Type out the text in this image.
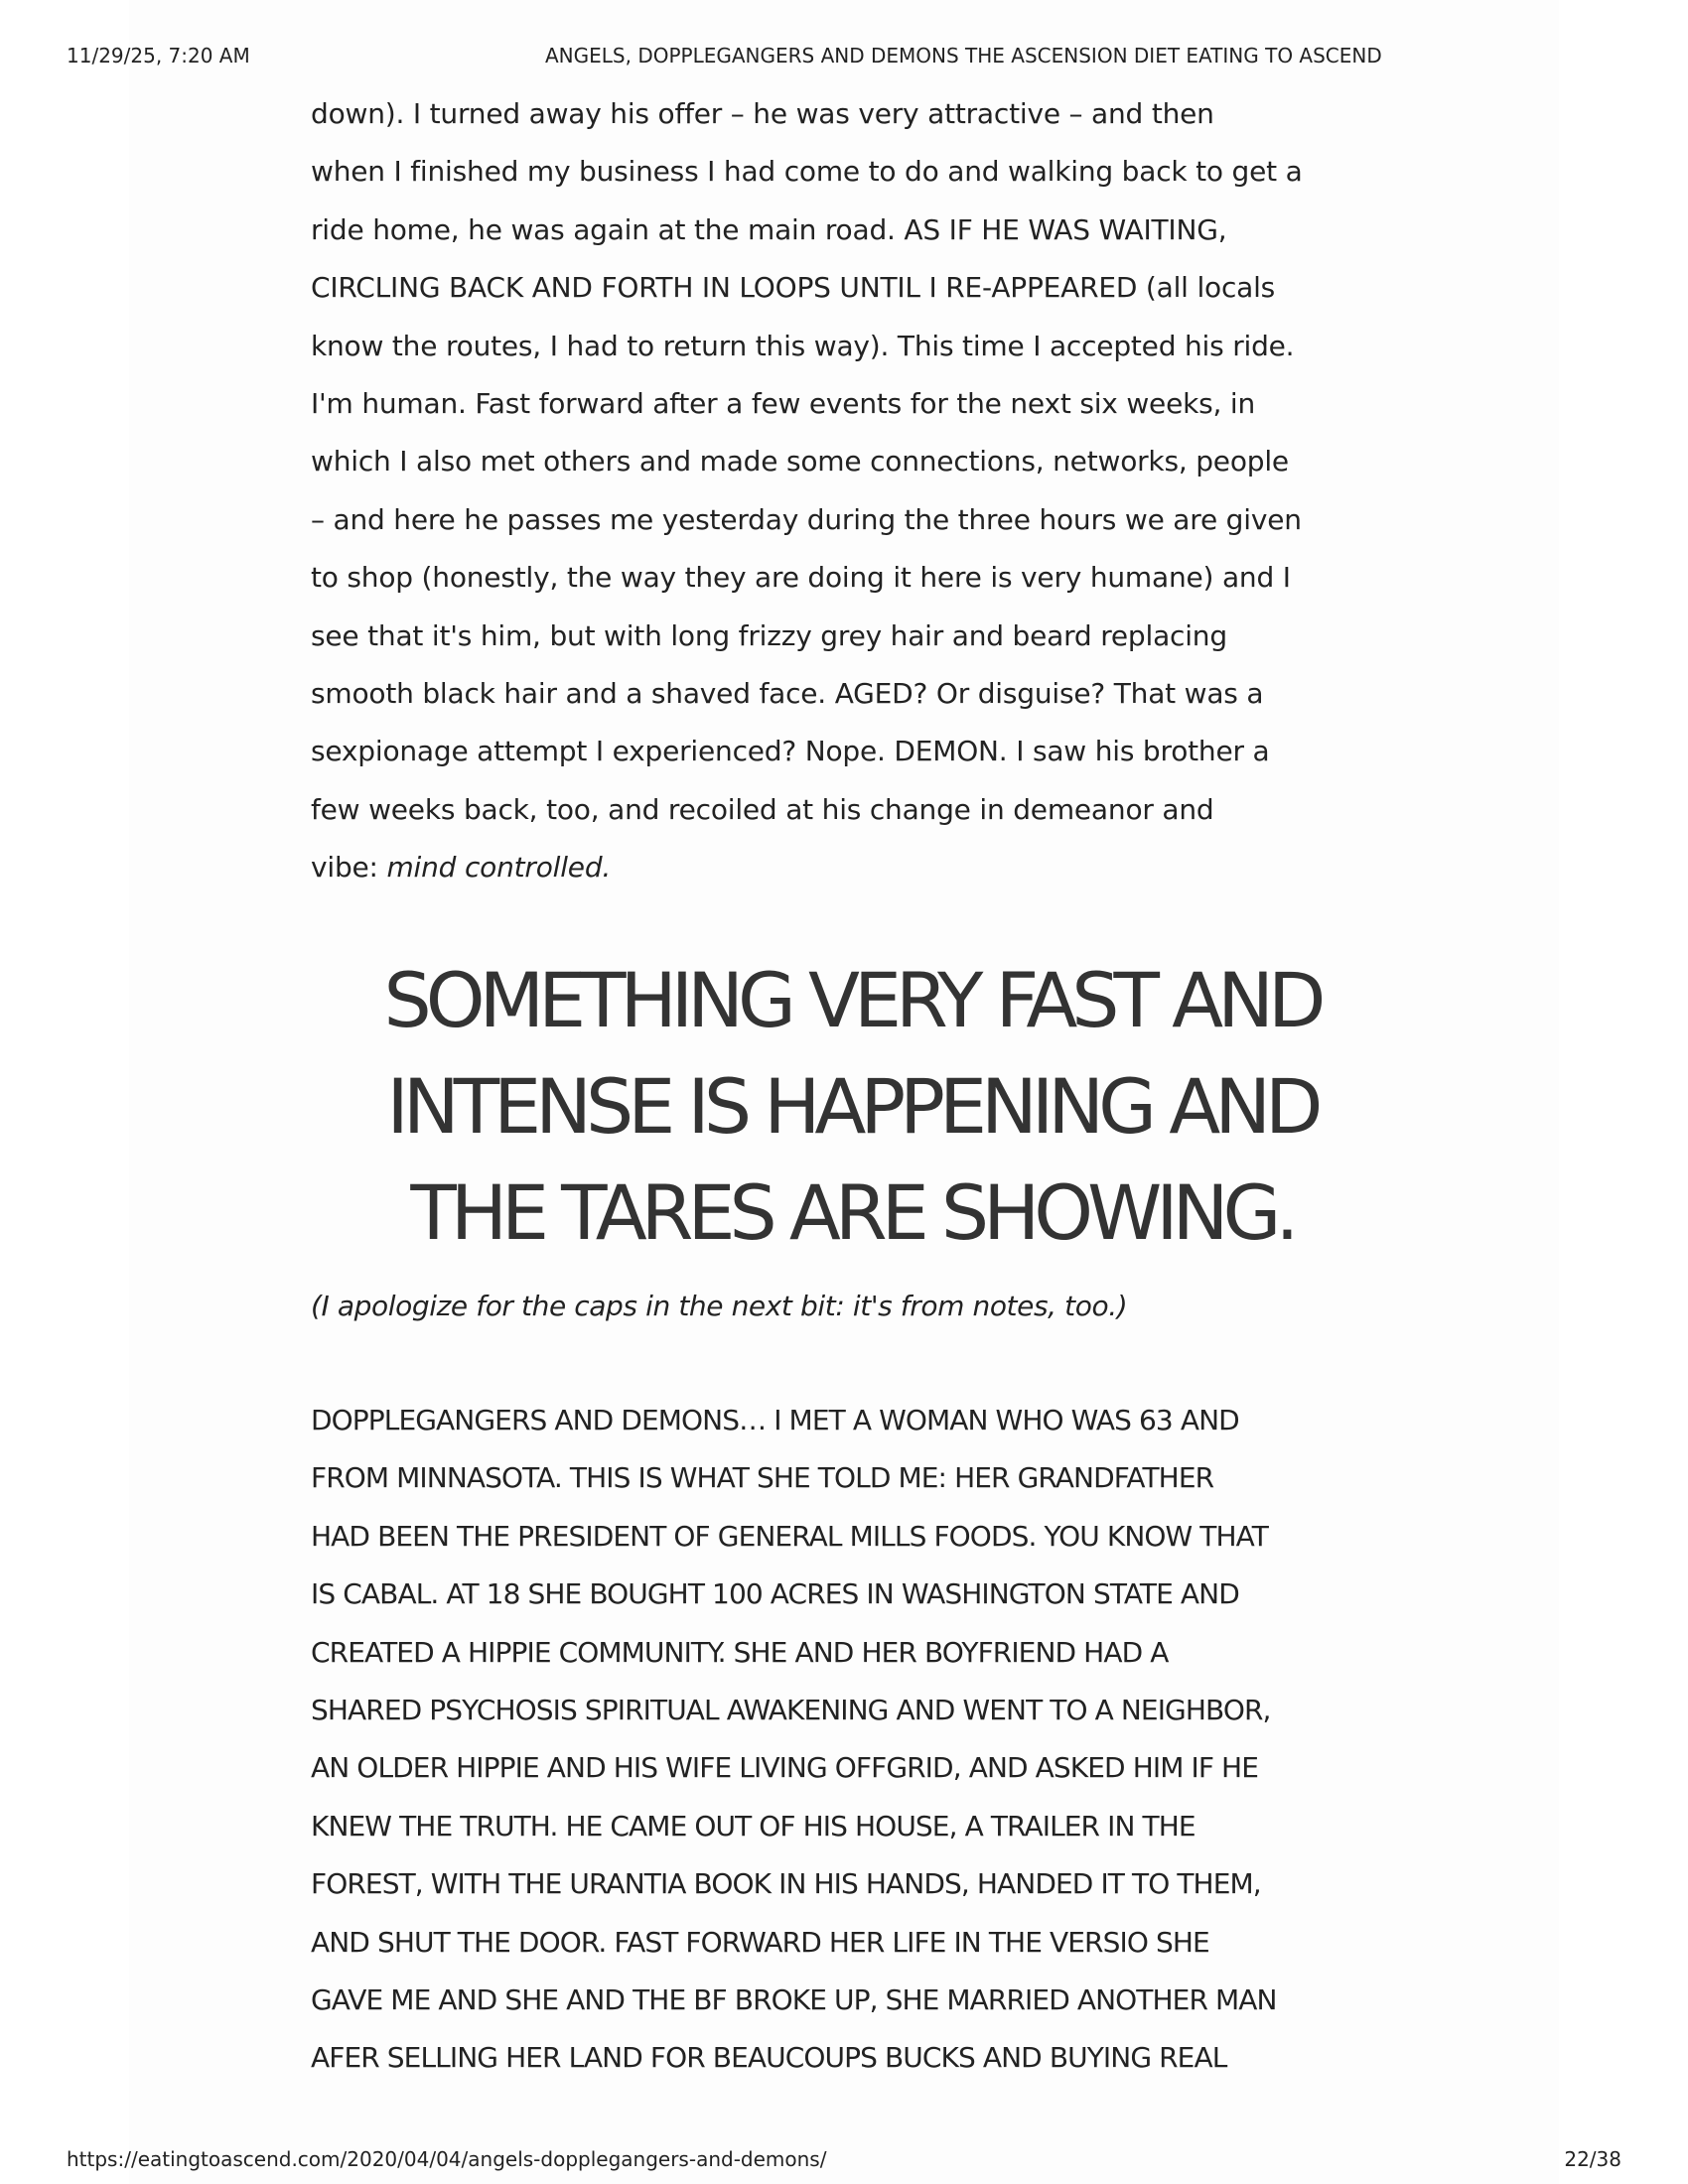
11/29/25, 7:20 AM	ANGELS, DOPPLEGANGERS AND DEMONS THE ASCENSION DIET EATING TO ASCEND

down). I turned away his offer – he was very attractive – and then
when I finished my business I had come to do and walking back to get a
ride home, he was again at the main road. AS IF HE WAS WAITING,
CIRCLING BACK AND FORTH IN LOOPS UNTIL I RE-APPEARED (all locals
know the routes, I had to return this way). This time I accepted his ride.
I'm human. Fast forward after a few events for the next six weeks, in
which I also met others and made some connections, networks, people
– and here he passes me yesterday during the three hours we are given
to shop (honestly, the way they are doing it here is very humane) and I
see that it's him, but with long frizzy grey hair and beard replacing
smooth black hair and a shaved face. AGED? Or disguise? That was a
sexpionage attempt I experienced? Nope. DEMON. I saw his brother a
few weeks back, too, and recoiled at his change in demeanor and
vibe: mind controlled.

SOMETHING VERY FAST AND
INTENSE IS HAPPENING AND
THE TARES ARE SHOWING.

(I apologize for the caps in the next bit: it's from notes, too.)

DOPPLEGANGERS AND DEMONS… I MET A WOMAN WHO WAS 63 AND
FROM MINNASOTA. THIS IS WHAT SHE TOLD ME: HER GRANDFATHER
HAD BEEN THE PRESIDENT OF GENERAL MILLS FOODS. YOU KNOW THAT
IS CABAL. AT 18 SHE BOUGHT 100 ACRES IN WASHINGTON STATE AND
CREATED A HIPPIE COMMUNITY. SHE AND HER BOYFRIEND HAD A
SHARED PSYCHOSIS SPIRITUAL AWAKENING AND WENT TO A NEIGHBOR,
AN OLDER HIPPIE AND HIS WIFE LIVING OFFGRID, AND ASKED HIM IF HE
KNEW THE TRUTH. HE CAME OUT OF HIS HOUSE, A TRAILER IN THE
FOREST, WITH THE URANTIA BOOK IN HIS HANDS, HANDED IT TO THEM,
AND SHUT THE DOOR. FAST FORWARD HER LIFE IN THE VERSIO SHE
GAVE ME AND SHE AND THE BF BROKE UP, SHE MARRIED ANOTHER MAN
AFER SELLING HER LAND FOR BEAUCOUPS BUCKS AND BUYING REAL

https://eatingtoascend.com/2020/04/04/angels-dopplegangers-and-demons/	22/38
